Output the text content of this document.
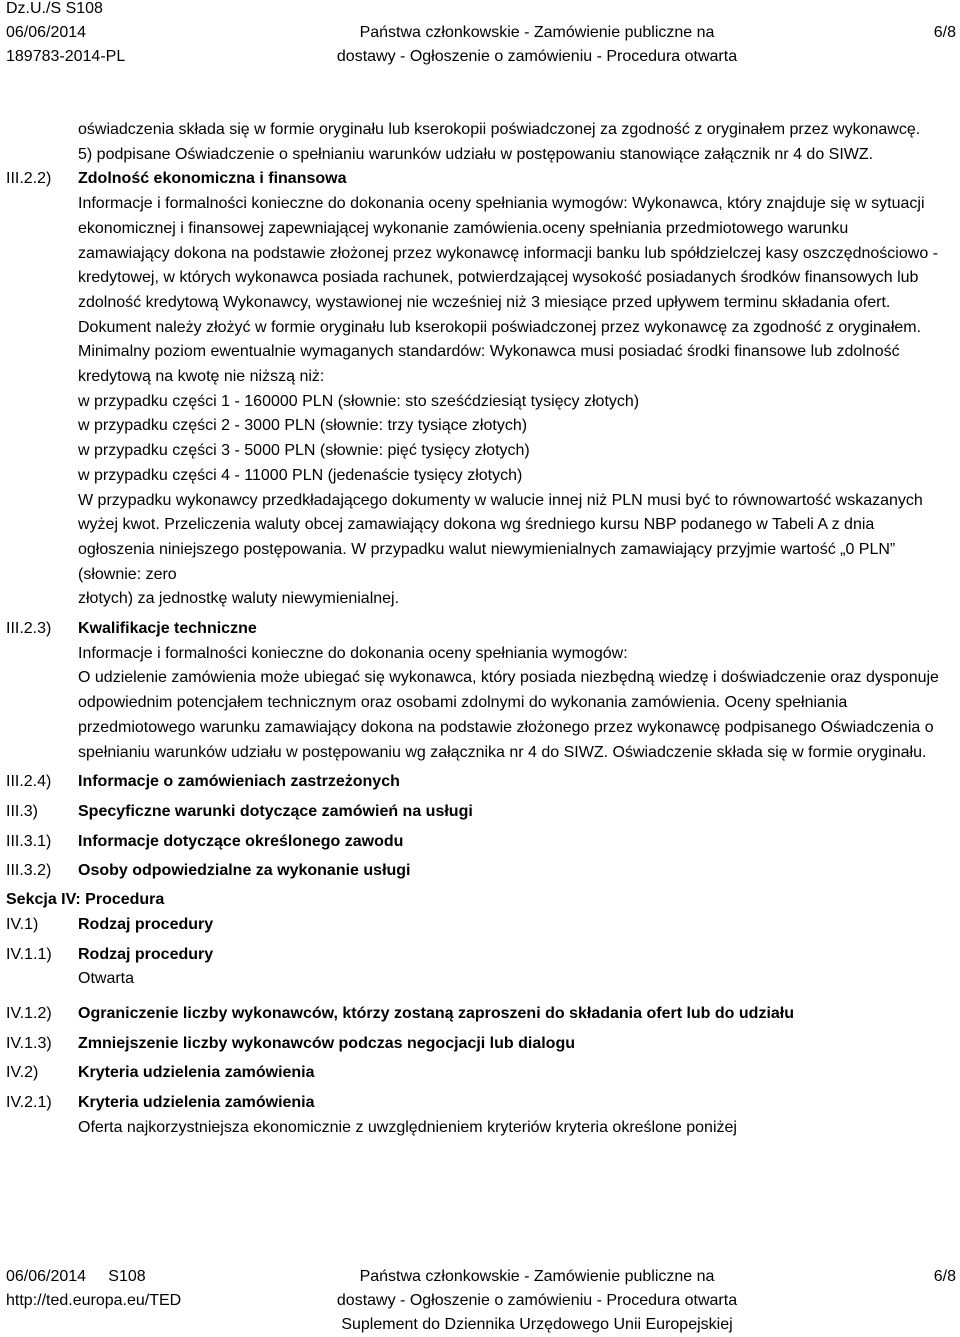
Dz.U./S S108
06/06/2014
189783-2014-PL
Państwa członkowskie - Zamówienie publiczne na
dostawy - Ogłoszenie o zamówieniu - Procedura otwarta
6/8
oświadczenia składa się w formie oryginału lub kserokopii poświadczonej za zgodność z oryginałem przez wykonawcę.
5) podpisane Oświadczenie o spełnianiu warunków udziału w postępowaniu stanowiące załącznik nr 4 do SIWZ.
III.2.2) Zdolność ekonomiczna i finansowa
Informacje i formalności konieczne do dokonania oceny spełniania wymogów: Wykonawca, który znajduje się w sytuacji ekonomicznej i finansowej zapewniającej wykonanie zamówienia.oceny spełniania przedmiotowego warunku zamawiający dokona na podstawie złożonej przez wykonawcę informacji banku lub spółdzielczej kasy oszczędnościowo - kredytowej, w których wykonawca posiada rachunek, potwierdzającej wysokość posiadanych środków finansowych lub zdolność kredytową Wykonawcy, wystawionej nie wcześniej niż 3 miesiące przed upływem terminu składania ofert. Dokument należy złożyć w formie oryginału lub kserokopii poświadczonej przez wykonawcę za zgodność z oryginałem.
Minimalny poziom ewentualnie wymaganych standardów: Wykonawca musi posiadać środki finansowe lub zdolność kredytową na kwotę nie niższą niż:
w przypadku części 1 - 160000 PLN (słownie: sto sześćdziesiąt tysięcy złotych)
w przypadku części 2 - 3000 PLN (słownie: trzy tysiące złotych)
w przypadku części 3 - 5000 PLN (słownie: pięć tysięcy złotych)
w przypadku części 4 - 11000 PLN (jedenaście tysięcy złotych)
W przypadku wykonawcy przedkładającego dokumenty w walucie innej niż PLN musi być to równowartość wskazanych wyżej kwot. Przeliczenia waluty obcej zamawiający dokona wg średniego kursu NBP podanego w Tabeli A z dnia ogłoszenia niniejszego postępowania. W przypadku walut niewymienialnych zamawiający przyjmie wartość „0 PLN” (słownie: zero
złotych) za jednostkę waluty niewymienialnej.
III.2.3) Kwalifikacje techniczne
Informacje i formalności konieczne do dokonania oceny spełniania wymogów:
O udzielenie zamówienia może ubiegać się wykonawca, który posiada niezbędną wiedzę i doświadczenie oraz dysponuje odpowiednim potencjałem technicznym oraz osobami zdolnymi do wykonania zamówienia. Oceny spełniania przedmiotowego warunku zamawiający dokona na podstawie złożonego przez wykonawcę podpisanego Oświadczenia o spełnianiu warunków udziału w postępowaniu wg załącznika nr 4 do SIWZ. Oświadczenie składa się w formie oryginału.
III.2.4) Informacje o zamówieniach zastrzeżonych
III.3) Specyficzne warunki dotyczące zamówień na usługi
III.3.1) Informacje dotyczące określonego zawodu
III.3.2) Osoby odpowiedzialne za wykonanie usługi
Sekcja IV: Procedura
IV.1) Rodzaj procedury
IV.1.1) Rodzaj procedury
Otwarta
IV.1.2) Ograniczenie liczby wykonawców, którzy zostaną zaproszeni do składania ofert lub do udziału
IV.1.3) Zmniejszenie liczby wykonawców podczas negocjacji lub dialogu
IV.2) Kryteria udzielenia zamówienia
IV.2.1) Kryteria udzielenia zamówienia
Oferta najkorzystniejsza ekonomicznie z uwzględnieniem kryteriów kryteria określone poniżej
06/06/2014     S108
http://ted.europa.eu/TED
Państwa członkowskie - Zamówienie publiczne na
dostawy - Ogłoszenie o zamówieniu - Procedura otwarta
Suplement do Dziennika Urzędowego Unii Europejskiej
6/8
